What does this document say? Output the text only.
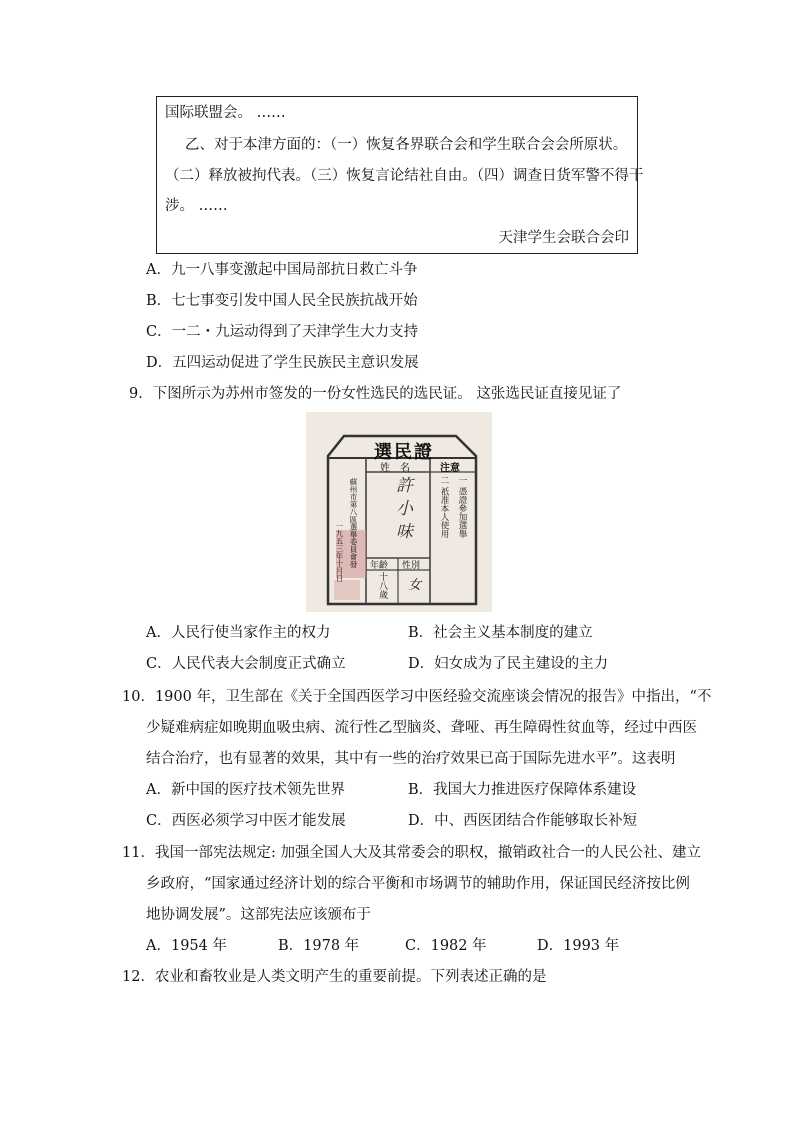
国际联盟会。 ……
乙、对于本津方面的：（一）恢复各界联合会和学生联合会会所原状。
（二）释放被拘代表。（三）恢复言论结社自由。（四）调查日货军警不得干
涉。 ……
天津学生会联合会印
A．九一八事变激起中国局部抗日救亡斗争
B．七七事变引发中国人民全民族抗战开始
C．一二・九运动得到了天津学生大力支持
D．五四运动促进了学生民族民主意识发展
9．下图所示为苏州市签发的一份女性选民的选民证。 这张选民证直接见证了
選民證
姓　名
許小味
年齡 性別
十八歲 女
注意
一 憑證參加選舉
二 祇准本人使用
蘇州市第八區選舉委員會發
一九五三年十月日
A．人民行使当家作主的权力	B．社会主义基本制度的建立
C．人民代表大会制度正式确立	D．妇女成为了民主建设的主力
10．1900 年，卫生部在《关于全国西医学习中医经验交流座谈会情况的报告》中指出，“不
少疑难病症如晚期血吸虫病、流行性乙型脑炎、聋哑、再生障碍性贫血等，经过中西医
结合治疗，也有显著的效果，其中有一些的治疗效果已高于国际先进水平”。这表明
A．新中国的医疗技术领先世界	B．我国大力推进医疗保障体系建设
C．西医必须学习中医才能发展	D．中、西医团结合作能够取长补短
11．我国一部宪法规定: 加强全国人大及其常委会的职权，撤销政社合一的人民公社、建立
乡政府，“国家通过经济计划的综合平衡和市场调节的辅助作用，保证国民经济按比例
地协调发展”。这部宪法应该颁布于
A．1954 年	B．1978 年	C．1982 年	D．1993 年
12．农业和畜牧业是人类文明产生的重要前提。下列表述正确的是
